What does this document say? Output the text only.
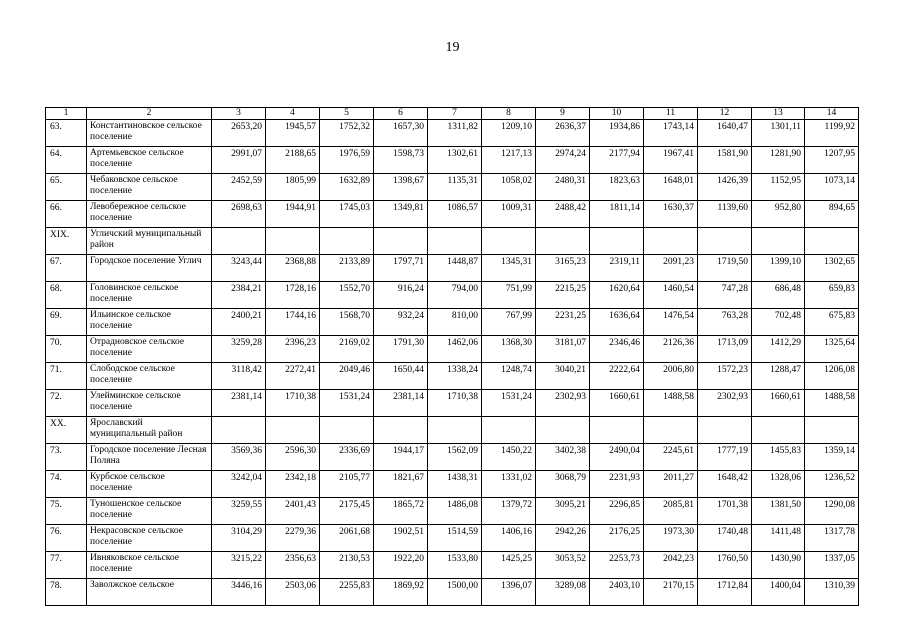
19
1	2	3	4	5	6	7	8	9	10	11	12	13	14
63.	Константиновское сельское поселение	2653,20	1945,57	1752,32	1657,30	1311,82	1209,10	2636,37	1934,86	1743,14	1640,47	1301,11	1199,92
64.	Артемьевское сельское поселение	2991,07	2188,65	1976,59	1598,73	1302,61	1217,13	2974,24	2177,94	1967,41	1581,90	1281,90	1207,95
65.	Чебаковское сельское поселение	2452,59	1805,99	1632,89	1398,67	1135,31	1058,02	2480,31	1823,63	1648,01	1426,39	1152,95	1073,14
66.	Левобережное сельское поселение	2698,63	1944,91	1745,03	1349,81	1086,57	1009,31	2488,42	1811,14	1630,37	1139,60	952,80	894,65
XIX.	Угличский муниципальный район												
67.	Городское поселение Углич	3243,44	2368,88	2133,89	1797,71	1448,87	1345,31	3165,23	2319,11	2091,23	1719,50	1399,10	1302,65
68.	Головинское сельское поселение	2384,21	1728,16	1552,70	916,24	794,00	751,99	2215,25	1620,64	1460,54	747,28	686,48	659,83
69.	Ильинское сельское поселение	2400,21	1744,16	1568,70	932,24	810,00	767,99	2231,25	1636,64	1476,54	763,28	702,48	675,83
70.	Отрадновское сельское поселение	3259,28	2396,23	2169,02	1791,30	1462,06	1368,30	3181,07	2346,46	2126,36	1713,09	1412,29	1325,64
71.	Слободское сельское поселение	3118,42	2272,41	2049,46	1650,44	1338,24	1248,74	3040,21	2222,64	2006,80	1572,23	1288,47	1206,08
72.	Улейминское сельское поселение	2381,14	1710,38	1531,24	2381,14	1710,38	1531,24	2302,93	1660,61	1488,58	2302,93	1660,61	1488,58
XX.	Ярославский муниципальный район												
73.	Городское поселение Лесная Поляна	3569,36	2596,30	2336,69	1944,17	1562,09	1450,22	3402,38	2490,04	2245,61	1777,19	1455,83	1359,14
74.	Курбское сельское поселение	3242,04	2342,18	2105,77	1821,67	1438,31	1331,02	3068,79	2231,93	2011,27	1648,42	1328,06	1236,52
75.	Туношенское сельское поселение	3259,55	2401,43	2175,45	1865,72	1486,08	1379,72	3095,21	2296,85	2085,81	1701,38	1381,50	1290,08
76.	Некрасовское сельское поселение	3104,29	2279,36	2061,68	1902,51	1514,59	1406,16	2942,26	2176,25	1973,30	1740,48	1411,48	1317,78
77.	Ивняковское сельское поселение	3215,22	2356,63	2130,53	1922,20	1533,80	1425,25	3053,52	2253,73	2042,23	1760,50	1430,90	1337,05
78.	Заволжское сельское	3446,16	2503,06	2255,83	1869,92	1500,00	1396,07	3289,08	2403,10	2170,15	1712,84	1400,04	1310,39
